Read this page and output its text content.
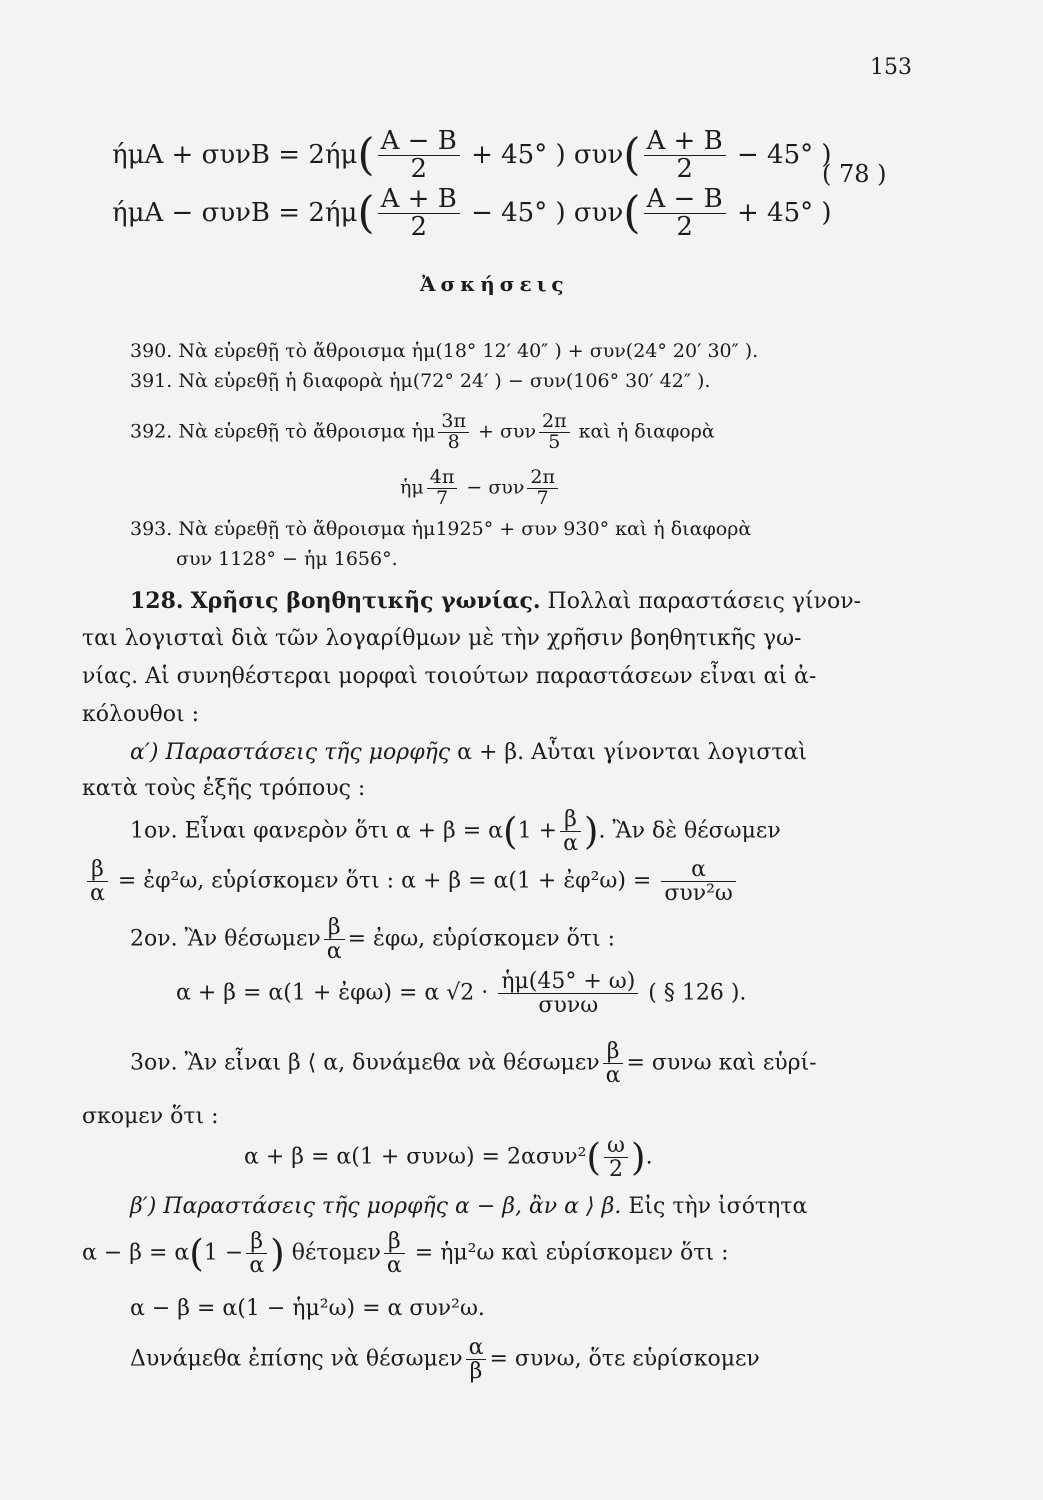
153
$ή\mu A + \sigma\upsilon\nu B = 2ή\mu( \frac{A - B}{2} + 45^\circ$ ) $\sigma\upsilon\nu( \frac{A + B}{2} - 45^\circ$ )
$ή\mu A - \sigma\upsilon\nu B = 2ή\mu( \frac{A + B}{2} - 45^\circ$ ) $\sigma\upsilon\nu( \frac{A - B}{2} + 45^\circ$ )
( 78 )
Ἀσκήσεις
390. Νὰ εὑρεθῇ τὸ ἄθροισμα ἡμ(18° 12′ 40″ ) + συν(24° 20′ 30″ ).
391. Νὰ εὑρεθῇ ἡ διαφορὰ ἡμ(72° 24′ ) − συν(106° 30′ 42″ ).
392. Νὰ εὑρεθῇ τὸ ἄθροισμα ἡμ $\frac{3\pi}{8} + \sigma\upsilon\nu \frac{2\pi}{5}$ καὶ ἡ διαφορὰ
ἡμ $\frac{4\pi}{7} - \sigma\upsilon\nu \frac{2\pi}{7}$
393. Νὰ εὑρεθῇ τὸ ἄθροισμα ἡμ1925° + συν 930° καὶ ἡ διαφορὰ
συν 1128° − ἡμ 1656°.
128. Χρῆσις βοηθητικῆς γωνίας. Πολλαὶ παραστάσεις γίνον-
ται λογισταὶ διὰ τῶν λογαρίθμων μὲ τὴν χρῆσιν βοηθητικῆς γω-
νίας. Αἱ συνηθέστεραι μορφαὶ τοιούτων παραστάσεων εἶναι αἱ ἀ-
κόλουθοι :
α′) Παραστάσεις τῆς μορφῆς α + β. Αὗται γίνονται λογισταὶ
κατὰ τοὺς ἑξῆς τρόπους :
1ον. Εἶναι φανερὸν ὅτι $\alpha + \beta = \alpha(1 + \frac{\beta}{\alpha}$ ). Ἂν δὲ θέσωμεν
$\frac{\beta}{\alpha}$ = ἐφ²ω, εὑρίσκομεν ὅτι : α + β = α(1 + ἐφ²ω) = $\frac{\alpha}{\text{συν²ω}}$
2ον. Ἂν θέσωμεν $\frac{\beta}{\alpha}$ = ἐφω, εὑρίσκομεν ὅτι :
α + β = α(1 + ἐφω) = α $√2 \cdot \frac{\text{ἡμ(45° + ω)}}{\text{συνω}}$ ( § 126 ).
3ον. Ἂν εἶναι β ⟨ α, δυνάμεθα νὰ θέσωμεν $\frac{\beta}{\alpha} = \sigma\upsilon\nu\omega$ καὶ εὑρί-
σκομεν ὅτι :
$\alpha + \beta = \alpha(1 + \sigma\upsilon\nu\omega) = 2\alpha\sigma\upsilon\nu^2( \frac{\omega}{2}$ ).
β′) Παραστάσεις τῆς μορφῆς α − β, ἂν α ⟩ β. Εἰς τὴν ἰσότητα
$\alpha - \beta = \alpha(1 - \frac{\beta}{\alpha}$ ) θέτομεν $\frac{\beta}{\alpha}$ = ἡμ²ω καὶ εὑρίσκομεν ὅτι :
α − β = α(1 − ἡμ²ω) = α συν²ω.
Δυνάμεθα ἐπίσης νὰ θέσωμεν $\frac{\alpha}{\beta} = \sigma\upsilon\nu\omega$, ὅτε εὑρίσκομεν
